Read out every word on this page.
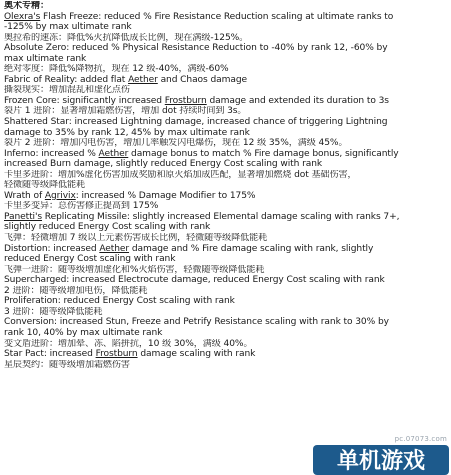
奥术专精：
Olexra's Flash Freeze: reduced % Fire Resistance Reduction scaling at ultimate ranks to
-125% by max ultimate rank
奥拉希的速冻：降低%火抗降低成长比例，现在满级-125%。
Absolute Zero: reduced % Physical Resistance Reduction to -40% by rank 12, -60% by
max ultimate rank
绝对零度：降低%降物抗，现在 12 级-40%，满级-60%
Fabric of Reality: added flat Aether and Chaos damage
撕裂现实：增加混乱和虚化点伤
Frozen Core: significantly increased Frostburn damage and extended its duration to 3s
裂片 1 进阶：显著增加霜燃伤害，增加 dot 持续时间到 3s。
Shattered Star: increased Lightning damage, increased chance of triggering Lightning
damage to 35% by rank 12, 45% by max ultimate rank
裂片 2 进阶：增加闪电伤害，增加几率触发闪电爆伤，现在 12 级 35%，满级 45%。
Inferno: increased % Aether damage bonus to match % Fire damage bonus, significantly
increased Burn damage, slightly reduced Energy Cost scaling with rank
卡里多进阶：增加%虚化伤害加成奖励和原火焰加成匹配，显著增加燃烧 dot 基础伤害，
轻微随等级降低能耗
Wrath of Agrivix: increased % Damage Modifier to 175%
卡里多变异：总伤害修正提高到 175%
Panetti's Replicating Missile: slightly increased Elemental damage scaling with ranks 7+,
slightly reduced Energy Cost scaling with rank
飞弹：轻微增加 7 级以上元素伤害成长比例，轻微随等级降低能耗
Distortion: increased Aether damage and % Fire damage scaling with rank, slightly
reduced Energy Cost scaling with rank
飞弹一进阶：随等级增加虚化和%火焰伤害，轻微随等级降低能耗
Supercharged: increased Electrocute damage, reduced Energy Cost scaling with rank
2 进阶：随等级增加电伤，降低能耗
Proliferation: reduced Energy Cost scaling with rank
3 进阶：随等级降低能耗
Conversion: increased Stun, Freeze and Petrify Resistance scaling with rank to 30% by
rank 10, 40% by max ultimate rank
变文盾进阶：增加晕、冻、陷拼抗，10 级 30%，满级 40%。
Star Pact: increased Frostburn damage scaling with rank
星辰契约：随等级增加霜燃伤害
pc.07073.com
单机游戏
